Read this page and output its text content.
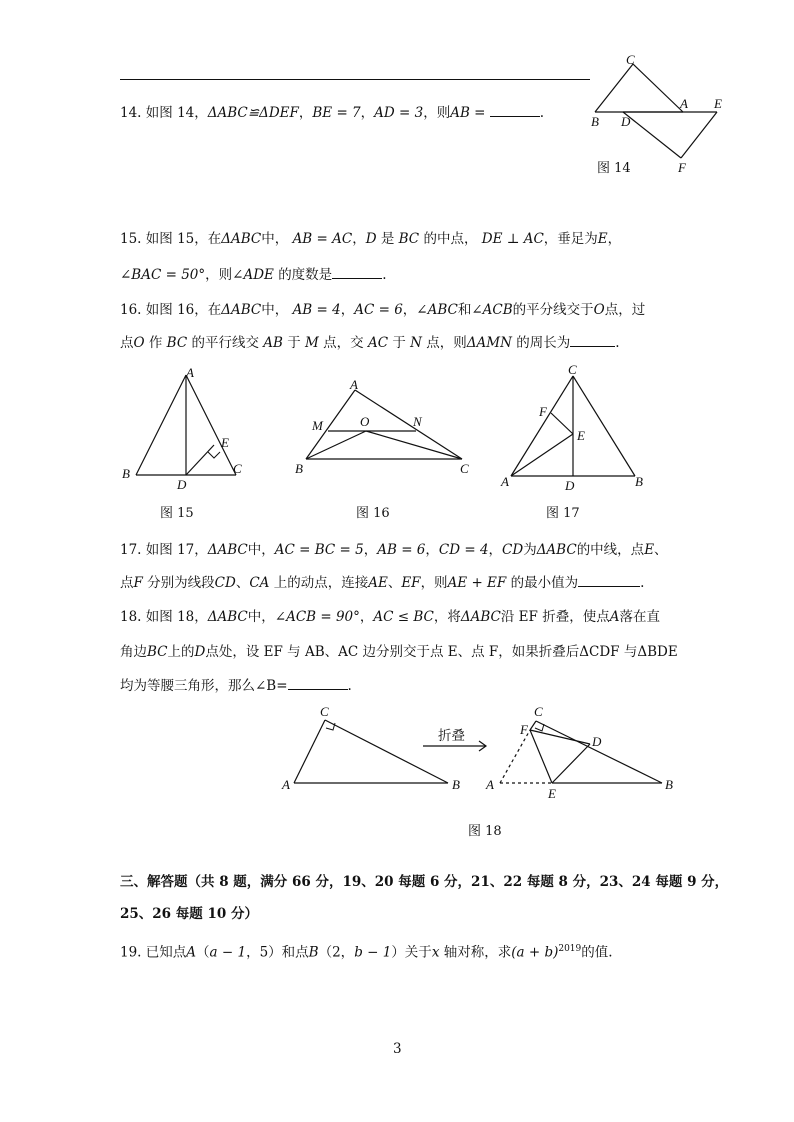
14. 如图 14，ΔABC≌ΔDEF，BE = 7，AD = 3，则AB =	.
C
A E
B D
F
图 14
15. 如图 15，在ΔABC中， AB = AC，D 是 BC 的中点， DE ⊥ AC，垂足为E，
∠BAC = 50°，则∠ADE 的度数是	.
16. 如图 16，在ΔABC中， AB = 4，AC = 6，∠ABC和∠ACB的平分线交于O点，过
点O 作 BC 的平行线交 AB 于 M 点，交 AC 于 N 点，则ΔAMN 的周长为	.
A
E
B
D
C
图 15
A
M	O	N
B	C
图 16
C
F
E
A	D	B
图 17
17. 如图 17，ΔABC中，AC = BC = 5，AB = 6，CD = 4，CD为ΔABC的中线，点E、
点F 分别为线段CD、CA 上的动点，连接AE、EF，则AE + EF 的最小值为	.
18. 如图 18，ΔABC中，∠ACB = 90°，AC ≤ BC，将ΔABC沿 EF 折叠，使点A落在直
角边BC上的D点处，设 EF 与 AB、AC 边分别交于点 E、点 F，如果折叠后ΔCDF 与ΔBDE
均为等腰三角形，那么∠B=	.
C
A	B
折叠
C
F
D
A
E
B
图 18
三、解答题（共 8 题，满分 66 分，19、20 每题 6 分，21、22 每题 8 分，23、24 每题 9 分，
25、26 每题 10 分）
19. 已知点A（a − 1，5）和点B（2，b − 1）关于x 轴对称，求$(a + b)^{2019}$的值.
3
